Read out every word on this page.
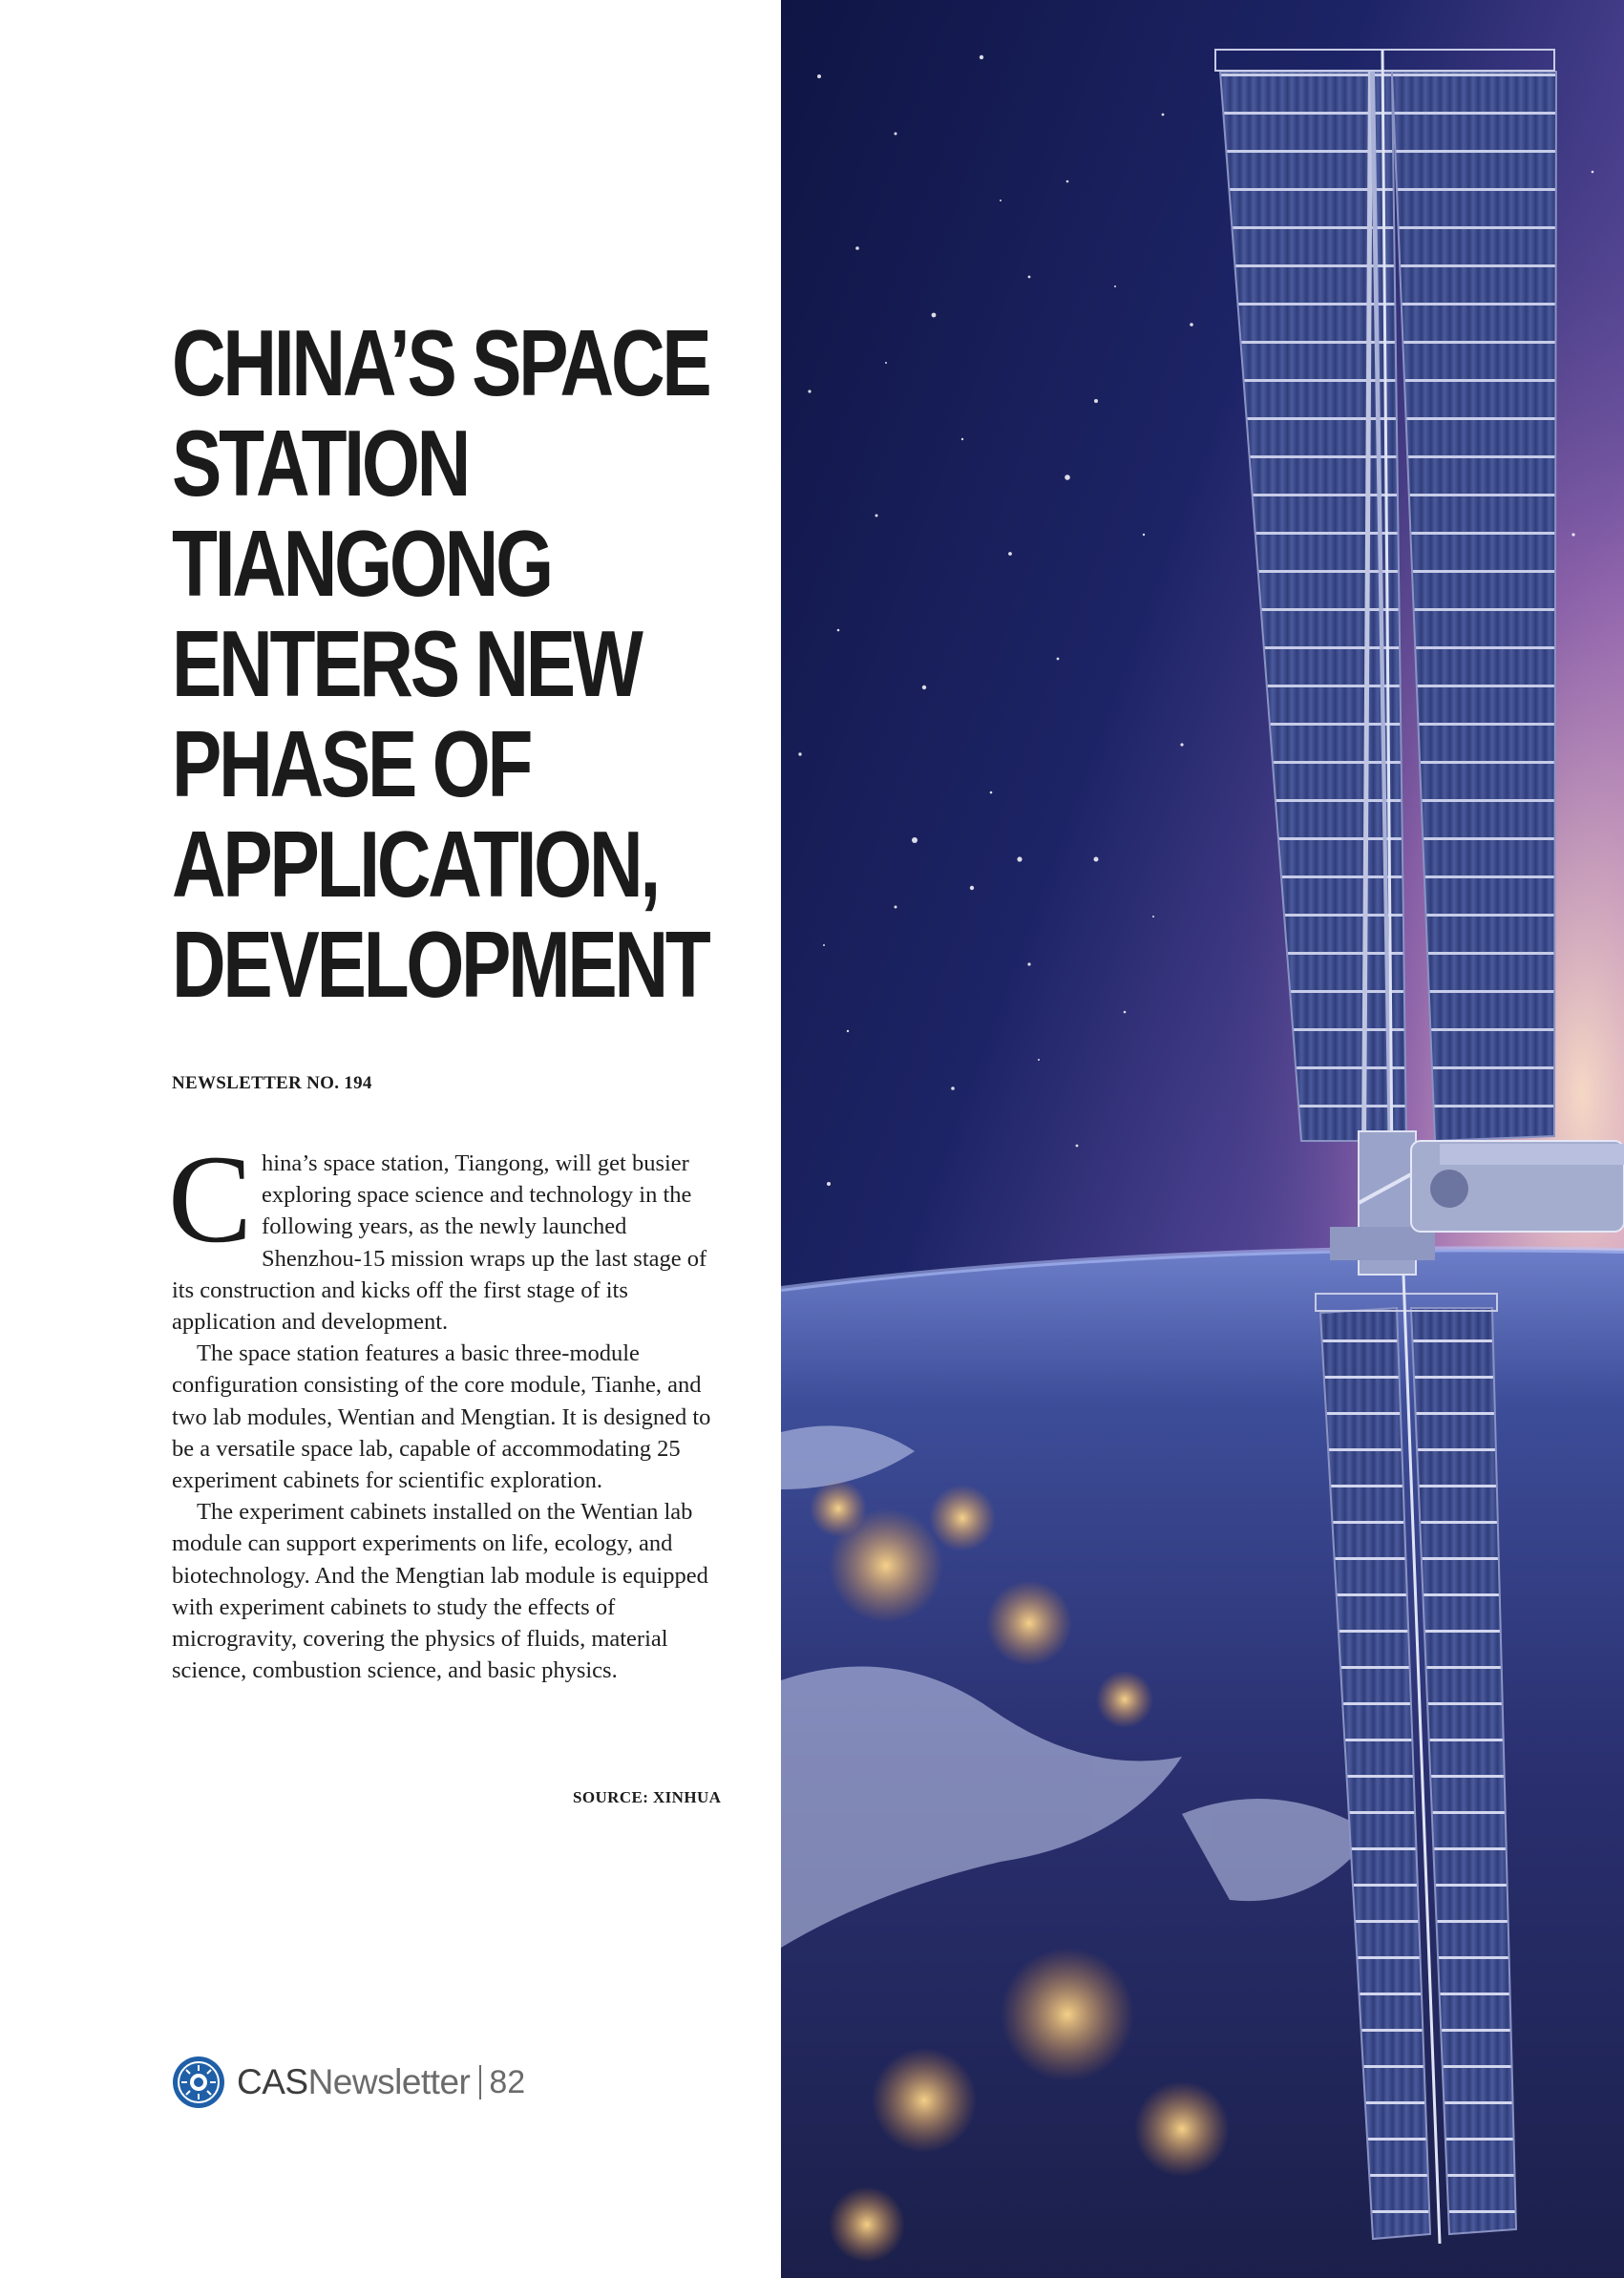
CHINA’S SPACE
STATION
TIANGONG
ENTERS NEW
PHASE OF
APPLICATION,
DEVELOPMENT
NEWSLETTER NO. 194

China’s space station, Tiangong, will get busier exploring space science and technology in the following years, as the newly launched Shenzhou-15 mission wraps up the last stage of its construction and kicks off the first stage of its application and development.

The space station features a basic three-module configuration consisting of the core module, Tianhe, and two lab modules, Wentian and Mengtian. It is designed to be a versatile space lab, capable of accommodating 25 experiment cabinets for scientific exploration.

The experiment cabinets installed on the Wentian lab module can support experiments on life, ecology, and biotechnology. And the Mengtian lab module is equipped with experiment cabinets to study the effects of microgravity, covering the physics of fluids, material science, combustion science, and basic physics.

SOURCE: XINHUA
CASNewsletter 82
